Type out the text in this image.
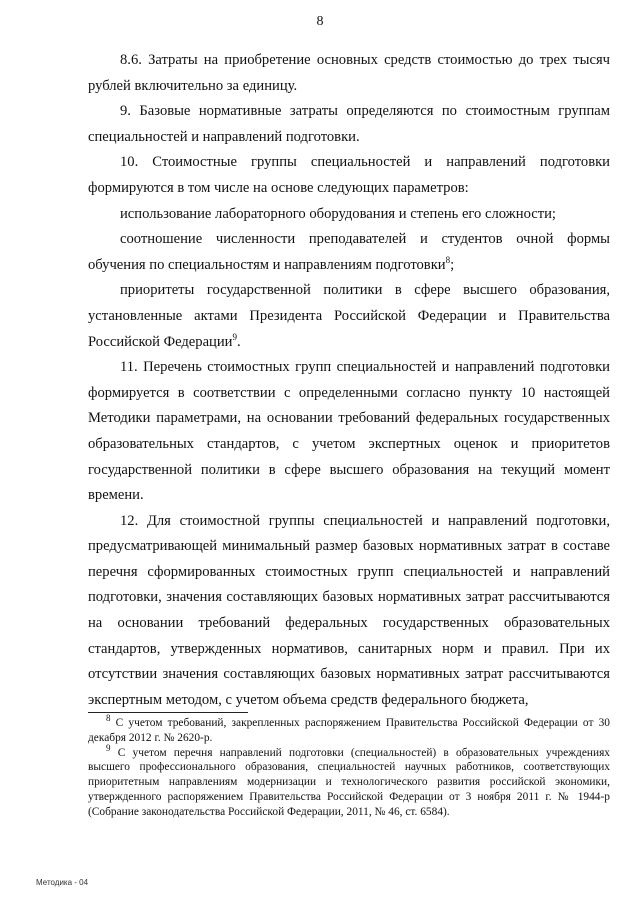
8

8.6. Затраты на приобретение основных средств стоимостью до трех тысяч рублей включительно за единицу.

9. Базовые нормативные затраты определяются по стоимостным группам специальностей и направлений подготовки.

10. Стоимостные группы специальностей и направлений подготовки формируются в том числе на основе следующих параметров:

использование лабораторного оборудования и степень его сложности;

соотношение численности преподавателей и студентов очной формы обучения по специальностям и направлениям подготовки$^8$;

приоритеты государственной политики в сфере высшего образования, установленные актами Президента Российской Федерации и Правительства Российской Федерации$^9$.

11. Перечень стоимостных групп специальностей и направлений подготовки формируется в соответствии с определенными согласно пункту 10 настоящей Методики параметрами, на основании требований федеральных государственных образовательных стандартов, с учетом экспертных оценок и приоритетов государственной политики в сфере высшего образования на текущий момент времени.

12. Для стоимостной группы специальностей и направлений подготовки, предусматривающей минимальный размер базовых нормативных затрат в составе перечня сформированных стоимостных групп специальностей и направлений подготовки, значения составляющих базовых нормативных затрат рассчитываются на основании требований федеральных государственных образовательных стандартов, утвержденных нормативов, санитарных норм и правил. При их отсутствии значения составляющих базовых нормативных затрат рассчитываются экспертным методом, с учетом объема средств федерального бюджета,

$^8$ С учетом требований, закрепленных распоряжением Правительства Российской Федерации от 30 декабря 2012 г. № 2620-р.

$^9$ С учетом перечня направлений подготовки (специальностей) в образовательных учреждениях высшего профессионального образования, специальностей научных работников, соответствующих приоритетным направлениям модернизации и технологического развития российской экономики, утвержденного распоряжением Правительства Российской Федерации от 3 ноября 2011 г. № 1944-р (Собрание законодательства Российской Федерации, 2011, № 46, ст. 6584).

Методика - 04
